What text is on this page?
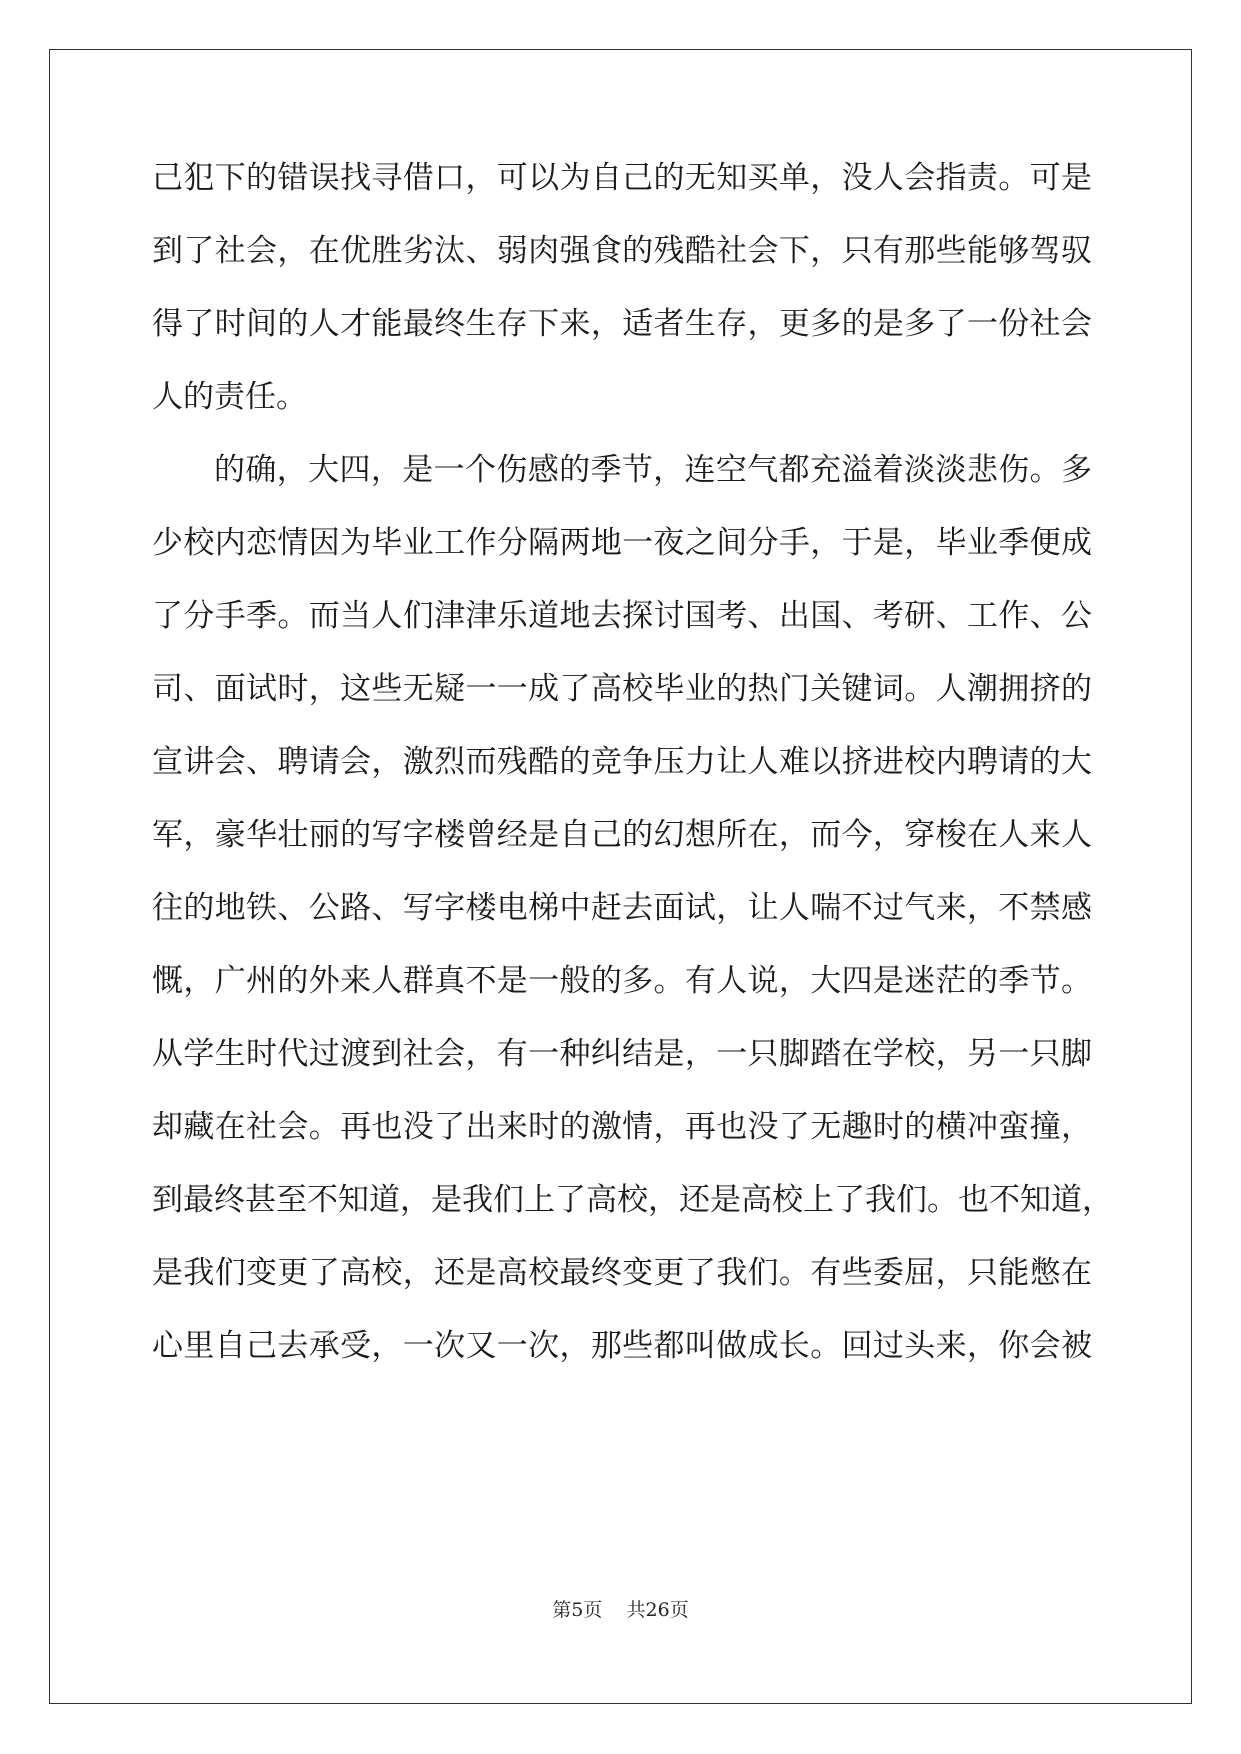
己犯下的错误找寻借口，可以为自己的无知买单，没人会指责。可是
到了社会，在优胜劣汰、弱肉强食的残酷社会下，只有那些能够驾驭
得了时间的人才能最终生存下来，适者生存，更多的是多了一份社会
人的责任。
的确，大四，是一个伤感的季节，连空气都充溢着淡淡悲伤。多
少校内恋情因为毕业工作分隔两地一夜之间分手，于是，毕业季便成
了分手季。而当人们津津乐道地去探讨国考、出国、考研、工作、公
司、面试时，这些无疑一一成了高校毕业的热门关键词。人潮拥挤的
宣讲会、聘请会，激烈而残酷的竞争压力让人难以挤进校内聘请的大
军，豪华壮丽的写字楼曾经是自己的幻想所在，而今，穿梭在人来人
往的地铁、公路、写字楼电梯中赶去面试，让人喘不过气来，不禁感
慨，广州的外来人群真不是一般的多。有人说，大四是迷茫的季节。
从学生时代过渡到社会，有一种纠结是，一只脚踏在学校，另一只脚
却藏在社会。再也没了出来时的激情，再也没了无趣时的横冲蛮撞，
到最终甚至不知道，是我们上了高校，还是高校上了我们。也不知道，
是我们变更了高校，还是高校最终变更了我们。有些委屈，只能憋在
心里自己去承受，一次又一次，那些都叫做成长。回过头来，你会被
第5页 共26页
